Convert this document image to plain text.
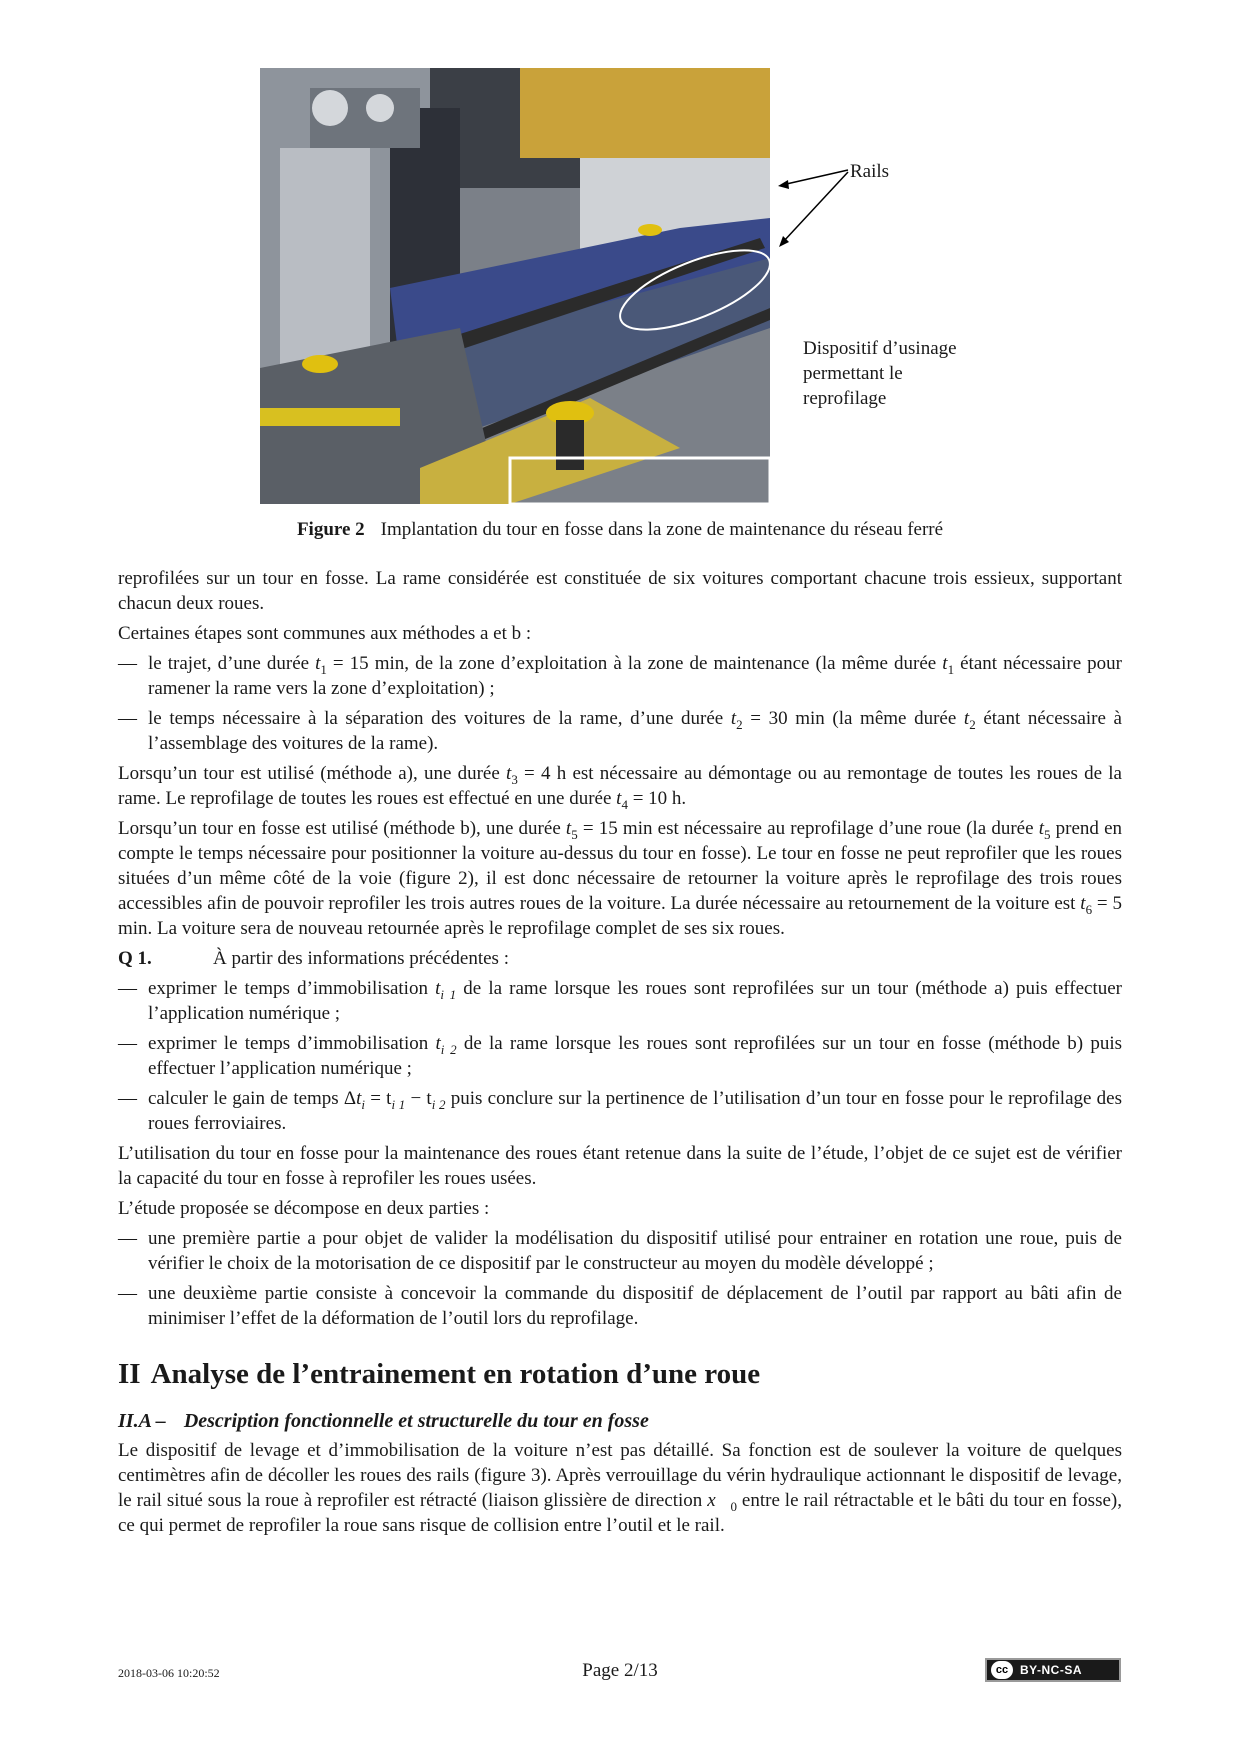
Rails
Dispositif d’usinage
permettant le
reprofilage
Figure 2 Implantation du tour en fosse dans la zone de maintenance du réseau ferré

reprofilées sur un tour en fosse. La rame considérée est constituée de six voitures comportant chacune trois essieux, supportant chacun deux roues.

Certaines étapes sont communes aux méthodes a et b :

— le trajet, d’une durée $t_1 = 15$ min, de la zone d’exploitation à la zone de maintenance (la même durée $t_1$ étant nécessaire pour ramener la rame vers la zone d’exploitation) ;
— le temps nécessaire à la séparation des voitures de la rame, d’une durée $t_2 = 30$ min (la même durée $t_2$ étant nécessaire à l’assemblage des voitures de la rame).

Lorsqu’un tour est utilisé (méthode a), une durée $t_3 = 4$ h est nécessaire au démontage ou au remontage de toutes les roues de la rame. Le reprofilage de toutes les roues est effectué en une durée $t_4 = 10$ h.

Lorsqu’un tour en fosse est utilisé (méthode b), une durée $t_5 = 15$ min est nécessaire au reprofilage d’une roue (la durée $t_5$ prend en compte le temps nécessaire pour positionner la voiture au-dessus du tour en fosse). Le tour en fosse ne peut reprofiler que les roues situées d’un même côté de la voie (figure 2), il est donc nécessaire de retourner la voiture après le reprofilage des trois roues accessibles afin de pouvoir reprofiler les trois autres roues de la voiture. La durée nécessaire au retournement de la voiture est $t_6 = 5$ min. La voiture sera de nouveau retournée après le reprofilage complet de ses six roues.

Q 1.	À partir des informations précédentes :

— exprimer le temps d’immobilisation $t_{i 1}$ de la rame lorsque les roues sont reprofilées sur un tour (méthode a) puis effectuer l’application numérique ;
— exprimer le temps d’immobilisation $t_{i 2}$ de la rame lorsque les roues sont reprofilées sur un tour en fosse (méthode b) puis effectuer l’application numérique ;
— calculer le gain de temps $\Delta t_i = t_{i 1} - t_{i 2}$ puis conclure sur la pertinence de l’utilisation d’un tour en fosse pour le reprofilage des roues ferroviaires.

L’utilisation du tour en fosse pour la maintenance des roues étant retenue dans la suite de l’étude, l’objet de ce sujet est de vérifier la capacité du tour en fosse à reprofiler les roues usées.

L’étude proposée se décompose en deux parties :

— une première partie a pour objet de valider la modélisation du dispositif utilisé pour entrainer en rotation une roue, puis de vérifier le choix de la motorisation de ce dispositif par le constructeur au moyen du modèle développé ;
— une deuxième partie consiste à concevoir la commande du dispositif de déplacement de l’outil par rapport au bâti afin de minimiser l’effet de la déformation de l’outil lors du reprofilage.
II Analyse de l’entrainement en rotation d’une roue
II.A – Description fonctionnelle et structurelle du tour en fosse

Le dispositif de levage et d’immobilisation de la voiture n’est pas détaillé. Sa fonction est de soulever la voiture de quelques centimètres afin de décoller les roues des rails (figure 3). Après verrouillage du vérin hydraulique actionnant le dispositif de levage, le rail situé sous la roue à reprofiler est rétracté (liaison glissière de direction $x⃗_0$ entre le rail rétractable et le bâti du tour en fosse), ce qui permet de reprofiler la roue sans risque de collision entre l’outil et le rail.

2018-03-06 10:20:52	Page 2/13	cc BY-NC-SA
